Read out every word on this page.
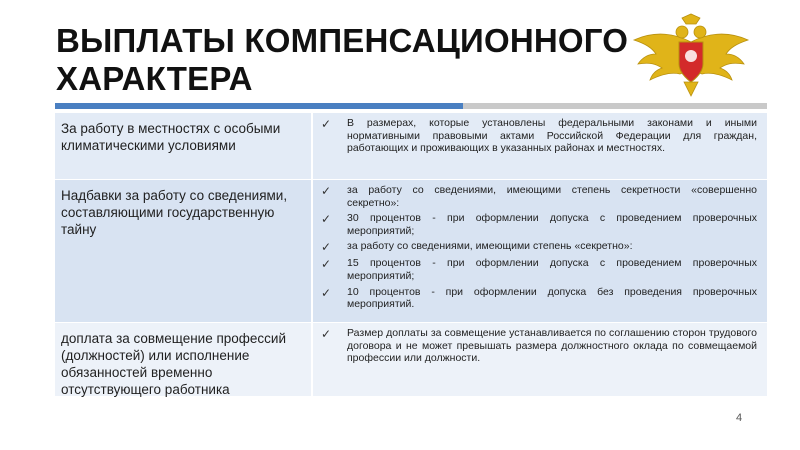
ВЫПЛАТЫ КОМПЕНСАЦИОННОГО ХАРАКТЕРА
За работу в местностях с особыми климатическими условиями
✓	В размерах, которые установлены федеральными законами и иными нормативными правовыми актами Российской Федерации для граждан, работающих и проживающих в указанных районах и местностях.
Надбавки за работу со сведениями, составляющими государственную тайну
✓	за работу со сведениями, имеющими степень секретности «совершенно секретно»:
✓	30 процентов - при оформлении допуска с проведением проверочных мероприятий;
✓	за работу со сведениями, имеющими степень «секретно»:
✓	15 процентов - при оформлении допуска с проведением проверочных мероприятий;
✓	10 процентов - при оформлении допуска без проведения проверочных мероприятий.
доплата за совмещение профессий (должностей) или исполнение обязанностей временно отсутствующего работника
✓	Размер доплаты за совмещение устанавливается по соглашению сторон трудового договора и не может превышать размера должностного оклада по совмещаемой профессии или должности.
4
